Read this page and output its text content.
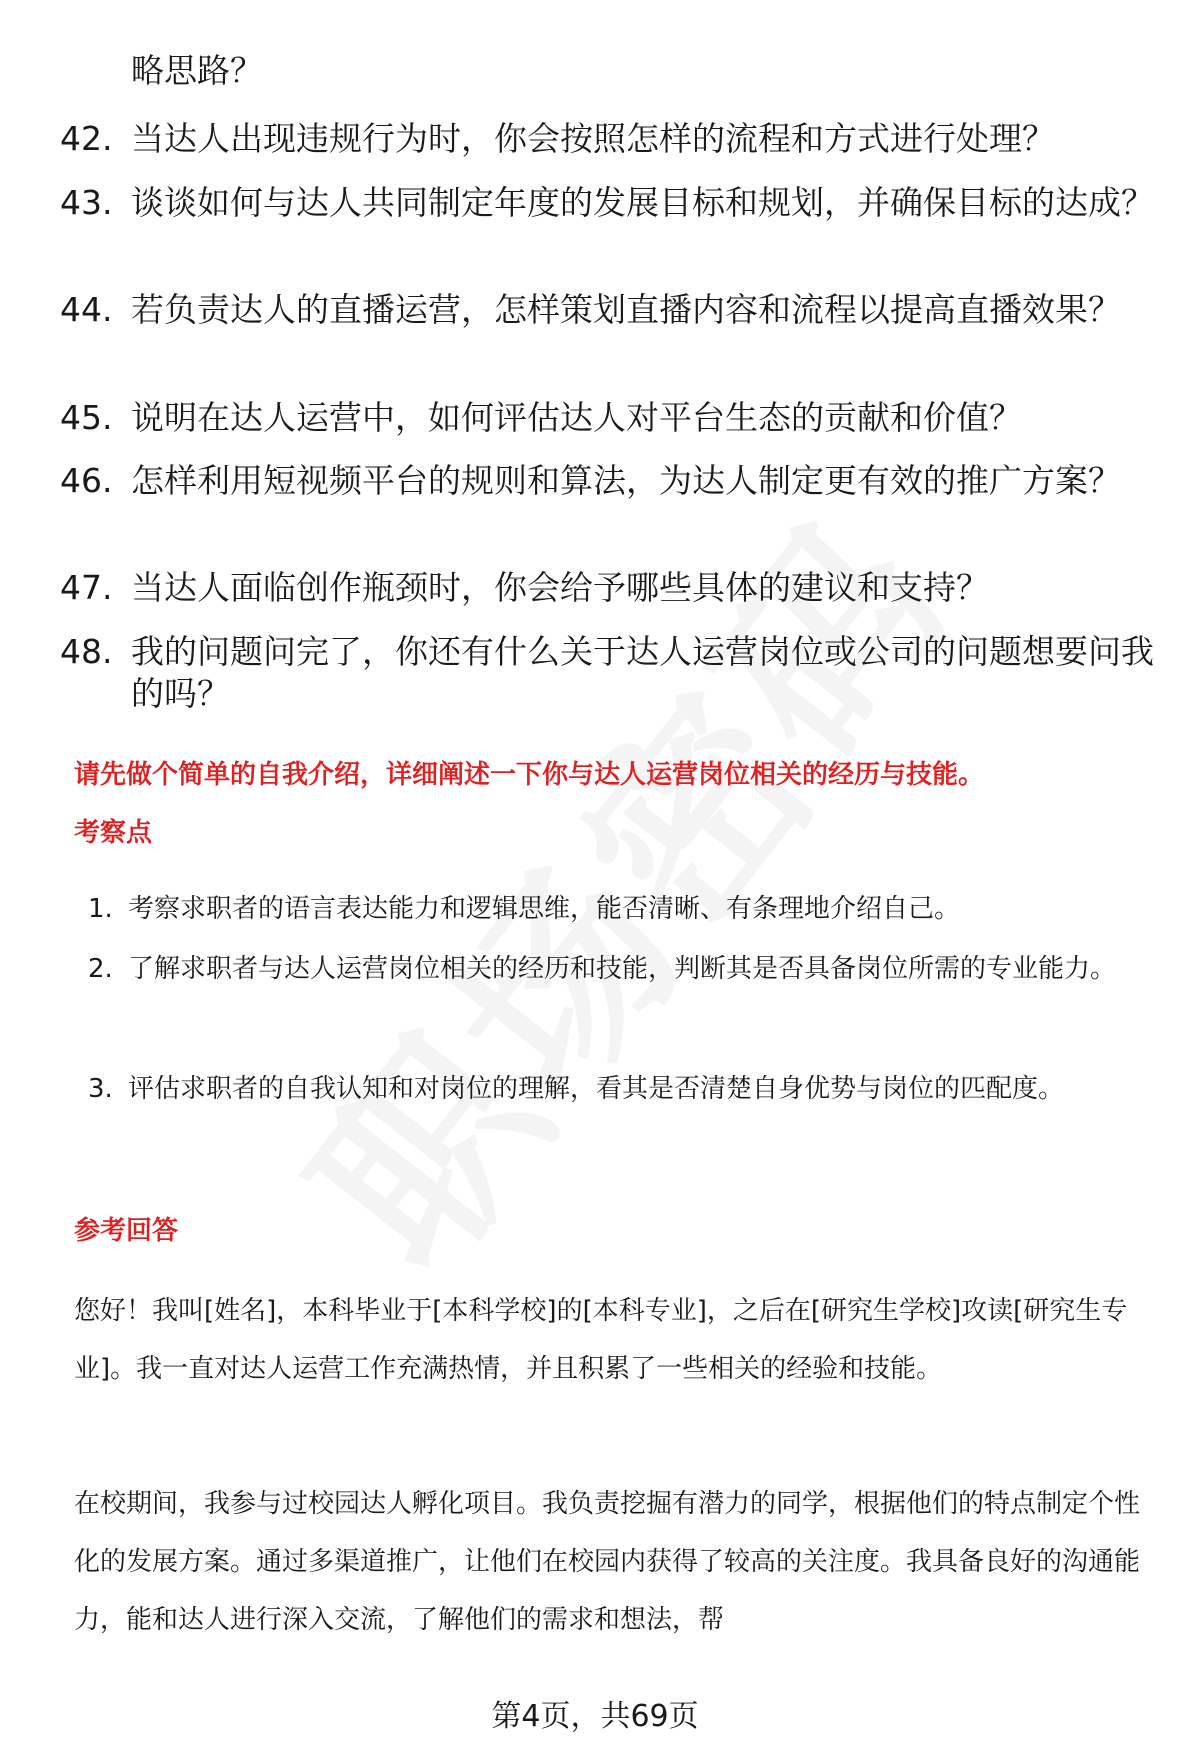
略思路？
42. 当达人出现违规行为时，你会按照怎样的流程和方式进行处理？
43. 谈谈如何与达人共同制定年度的发展目标和规划，并确保目标的达成？
44. 若负责达人的直播运营，怎样策划直播内容和流程以提高直播效果？
45. 说明在达人运营中，如何评估达人对平台生态的贡献和价值？
46. 怎样利用短视频平台的规则和算法，为达人制定更有效的推广方案？
47. 当达人面临创作瓶颈时，你会给予哪些具体的建议和支持？
48. 我的问题问完了，你还有什么关于达人运营岗位或公司的问题想要问我的吗？
请先做个简单的自我介绍，详细阐述一下你与达人运营岗位相关的经历与技能。
考察点
1. 考察求职者的语言表达能力和逻辑思维，能否清晰、有条理地介绍自己。
2. 了解求职者与达人运营岗位相关的经历和技能，判断其是否具备岗位所需的专业能力。
3. 评估求职者的自我认知和对岗位的理解，看其是否清楚自身优势与岗位的匹配度。
参考回答
您好！我叫[姓名]，本科毕业于[本科学校]的[本科专业]，之后在[研究生学校]攻读[研究生专业]。我一直对达人运营工作充满热情，并且积累了一些相关的经验和技能。
在校期间，我参与过校园达人孵化项目。我负责挖掘有潜力的同学，根据他们的特点制定个性化的发展方案。通过多渠道推广，让他们在校园内获得了较高的关注度。我具备良好的沟通能力，能和达人进行深入交流，了解他们的需求和想法，帮
第4页，共69页
